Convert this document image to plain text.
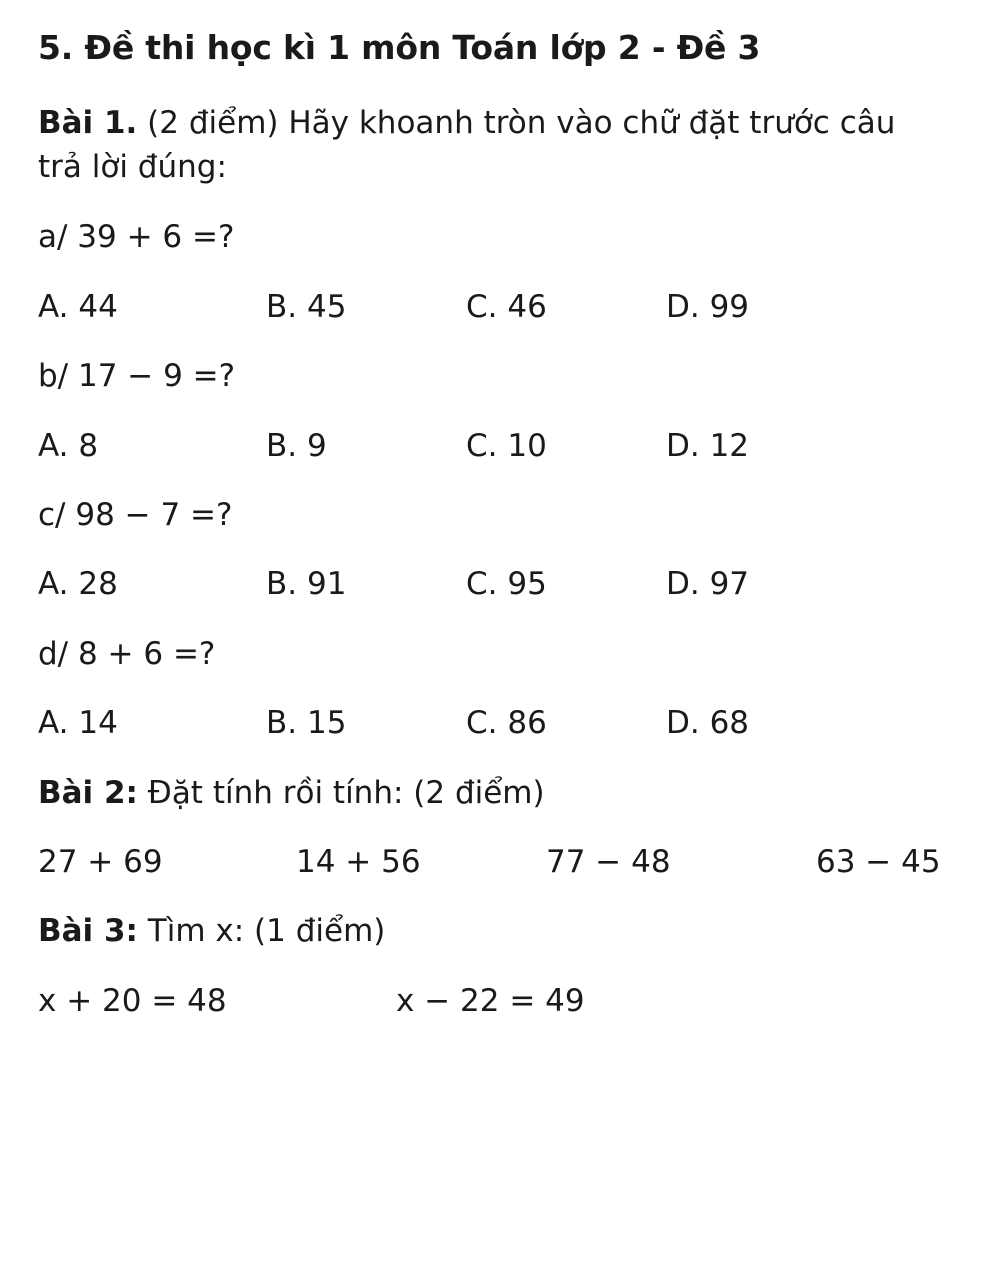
5. Đề thi học kì 1 môn Toán lớp 2 - Đề 3

Bài 1. (2 điểm) Hãy khoanh tròn vào chữ đặt trước câu trả lời đúng:

a/ 39 + 6 =?

A. 44	B. 45	C. 46	D. 99

b/ 17 − 9 =?

A. 8	B. 9	C. 10	D. 12

c/ 98 − 7 =?

A. 28	B. 91	C. 95	D. 97

d/ 8 + 6 =?

A. 14	B. 15	C. 86	D. 68

Bài 2: Đặt tính rồi tính: (2 điểm)

27 + 69	14 + 56	77 − 48	63 − 45

Bài 3: Tìm x: (1 điểm)

x + 20 = 48	x − 22 = 49
